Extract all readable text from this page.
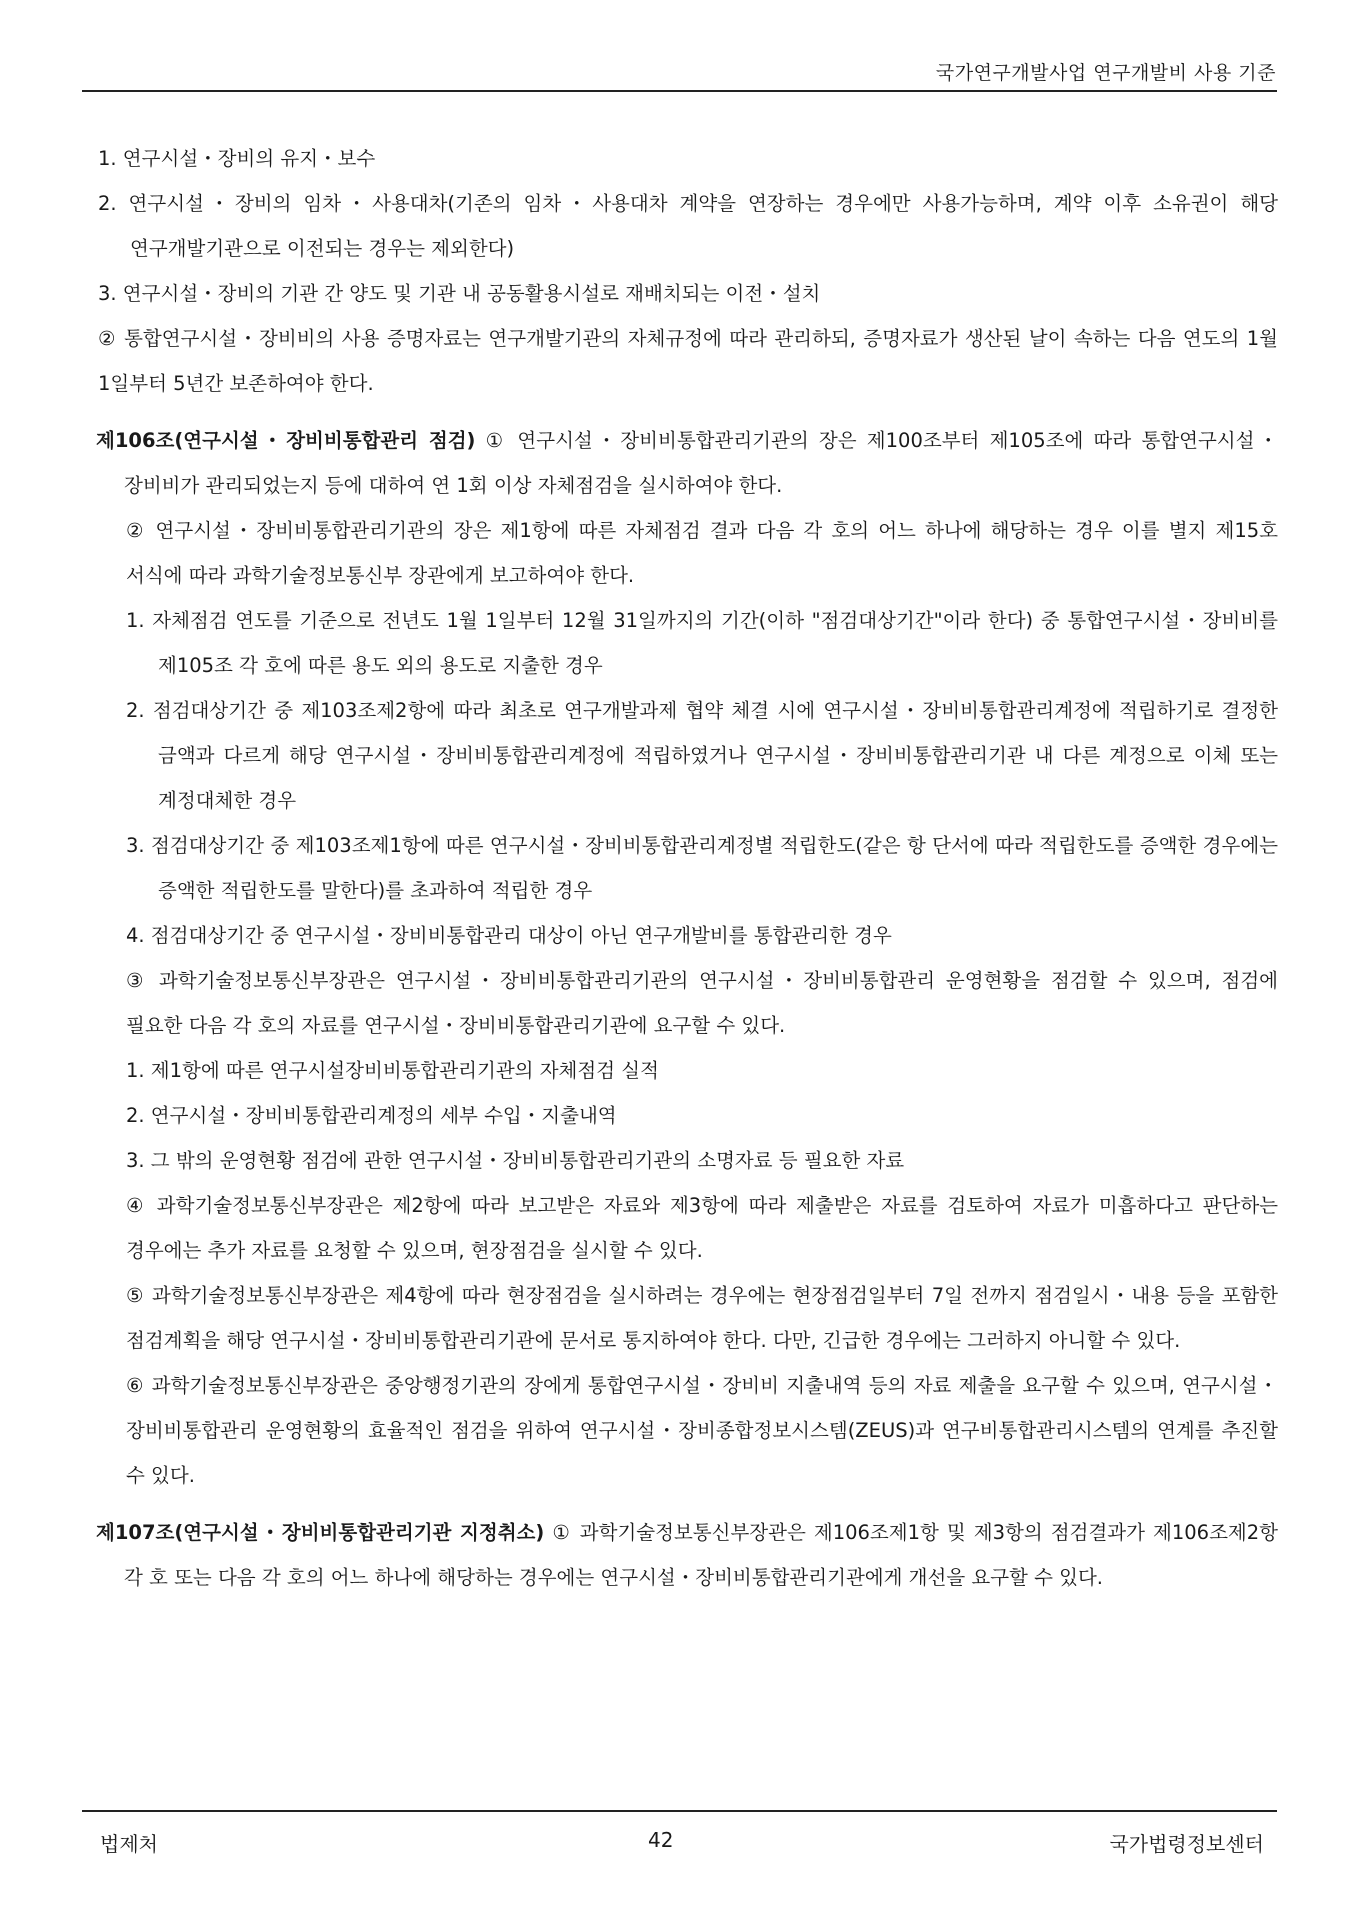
국가연구개발사업 연구개발비 사용 기준

1. 연구시설・장비의 유지・보수

2. 연구시설・장비의 임차・사용대차(기존의 임차・사용대차 계약을 연장하는 경우에만 사용가능하며, 계약 이후 소유권이 해당 연구개발기관으로 이전되는 경우는 제외한다)

3. 연구시설・장비의 기관 간 양도 및 기관 내 공동활용시설로 재배치되는 이전・설치

② 통합연구시설・장비비의 사용 증명자료는 연구개발기관의 자체규정에 따라 관리하되, 증명자료가 생산된 날이 속하는 다음 연도의 1월 1일부터 5년간 보존하여야 한다.

제106조(연구시설・장비비통합관리 점검) ① 연구시설・장비비통합관리기관의 장은 제100조부터 제105조에 따라 통합연구시설・장비비가 관리되었는지 등에 대하여 연 1회 이상 자체점검을 실시하여야 한다.

② 연구시설・장비비통합관리기관의 장은 제1항에 따른 자체점검 결과 다음 각 호의 어느 하나에 해당하는 경우 이를 별지 제15호 서식에 따라 과학기술정보통신부 장관에게 보고하여야 한다.

1. 자체점검 연도를 기준으로 전년도 1월 1일부터 12월 31일까지의 기간(이하 "점검대상기간"이라 한다) 중 통합연구시설・장비비를 제105조 각 호에 따른 용도 외의 용도로 지출한 경우

2. 점검대상기간 중 제103조제2항에 따라 최초로 연구개발과제 협약 체결 시에 연구시설・장비비통합관리계정에 적립하기로 결정한 금액과 다르게 해당 연구시설・장비비통합관리계정에 적립하였거나 연구시설・장비비통합관리기관 내 다른 계정으로 이체 또는 계정대체한 경우

3. 점검대상기간 중 제103조제1항에 따른 연구시설・장비비통합관리계정별 적립한도(같은 항 단서에 따라 적립한도를 증액한 경우에는 증액한 적립한도를 말한다)를 초과하여 적립한 경우

4. 점검대상기간 중 연구시설・장비비통합관리 대상이 아닌 연구개발비를 통합관리한 경우

③ 과학기술정보통신부장관은 연구시설・장비비통합관리기관의 연구시설・장비비통합관리 운영현황을 점검할 수 있으며, 점검에 필요한 다음 각 호의 자료를 연구시설・장비비통합관리기관에 요구할 수 있다.

1. 제1항에 따른 연구시설장비비통합관리기관의 자체점검 실적

2. 연구시설・장비비통합관리계정의 세부 수입・지출내역

3. 그 밖의 운영현황 점검에 관한 연구시설・장비비통합관리기관의 소명자료 등 필요한 자료

④ 과학기술정보통신부장관은 제2항에 따라 보고받은 자료와 제3항에 따라 제출받은 자료를 검토하여 자료가 미흡하다고 판단하는 경우에는 추가 자료를 요청할 수 있으며, 현장점검을 실시할 수 있다.

⑤ 과학기술정보통신부장관은 제4항에 따라 현장점검을 실시하려는 경우에는 현장점검일부터 7일 전까지 점검일시・내용 등을 포함한 점검계획을 해당 연구시설・장비비통합관리기관에 문서로 통지하여야 한다. 다만, 긴급한 경우에는 그러하지 아니할 수 있다.

⑥ 과학기술정보통신부장관은 중앙행정기관의 장에게 통합연구시설・장비비 지출내역 등의 자료 제출을 요구할 수 있으며, 연구시설・장비비통합관리 운영현황의 효율적인 점검을 위하여 연구시설・장비종합정보시스템(ZEUS)과 연구비통합관리시스템의 연계를 추진할 수 있다.

제107조(연구시설・장비비통합관리기관 지정취소) ① 과학기술정보통신부장관은 제106조제1항 및 제3항의 점검결과가 제106조제2항 각 호 또는 다음 각 호의 어느 하나에 해당하는 경우에는 연구시설・장비비통합관리기관에게 개선을 요구할 수 있다.

법제처	42	국가법령정보센터
